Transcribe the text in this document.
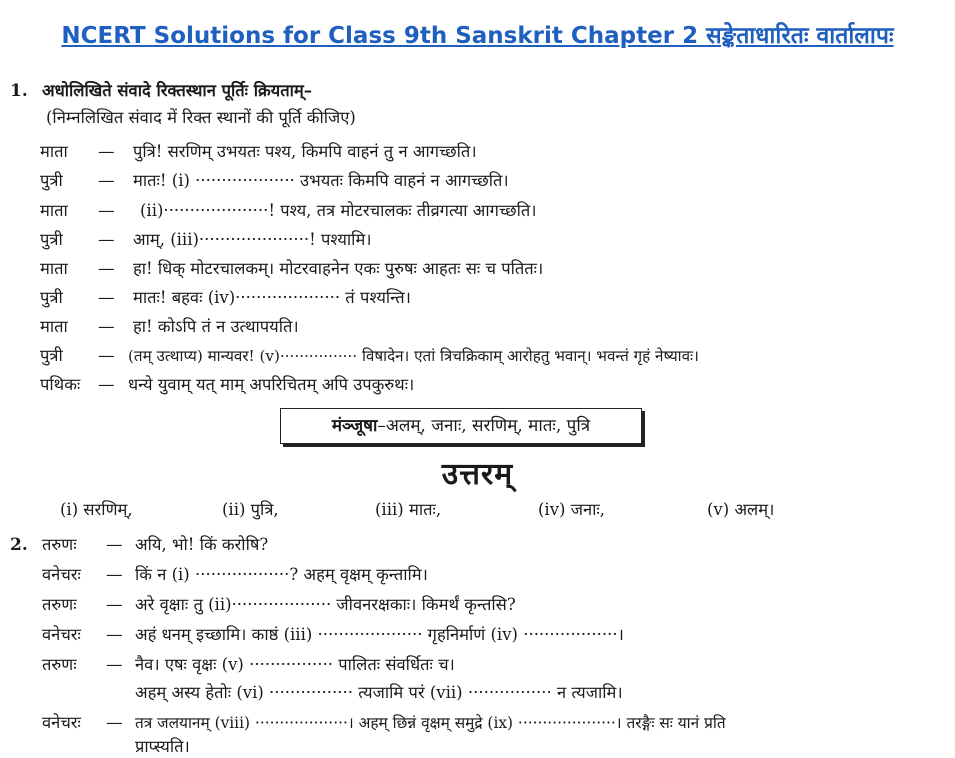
NCERT Solutions for Class 9th Sanskrit Chapter 2 सङ्केताधारितः वार्तालापः
1. अधोलिखिते संवादे रिक्तस्थान पूर्तिः क्रियताम्–
(निम्नलिखित संवाद में रिक्त स्थानों की पूर्ति कीजिए)
माता — पुत्रि! सरणिम् उभयतः पश्य, किमपि वाहनं तु न आगच्छति।
पुत्री — मातः! (i) ··················· उभयतः किमपि वाहनं न आगच्छति।
माता — (ii)····················! पश्य, तत्र मोटरचालकः तीव्रगत्या आगच्छति।
पुत्री — आम्, (iii)·····················! पश्यामि।
माता — हा! धिक् मोटरचालकम्। मोटरवाहनेन एकः पुरुषः आहतः सः च पतितः।
पुत्री — मातः! बहवः (iv)···················· तं पश्यन्ति।
माता — हा! कोऽपि तं न उत्थापयति।
पुत्री — (तम् उत्थाप्य) मान्यवर! (v)················ विषादेन। एतां त्रिचक्रिकाम् आरोहतु भवान्। भवन्तं गृहं नेष्यावः।
पथिकः — धन्ये युवाम् यत् माम् अपरिचितम् अपि उपकुरुथः।
मंञ्जूषा–अलम्, जनाः, सरणिम्, मातः, पुत्रि
उत्तरम्
(i) सरणिम्,	(ii) पुत्रि,	(iii) मातः,	(iv) जनाः,	(v) अलम्।
2. तरुणः — अयि, भो! किं करोषि?
वनेचरः — किं न (i) ··················? अहम् वृक्षम् कृन्तामि।
तरुणः — अरे वृक्षाः तु (ii)··················· जीवनरक्षकाः। किमर्थं कृन्तसि?
वनेचरः — अहं धनम् इच्छामि। काष्ठं (iii) ···················· गृहनिर्माणं (iv) ··················।
तरुणः — नैव। एषः वृक्षः (v) ················ पालितः संवर्धितः च।
अहम् अस्य हेतोः (vi) ················ त्यजामि परं (vii) ················ न त्यजामि।
वनेचरः — तत्र जलयानम् (viii) ···················। अहम् छिन्नं वृक्षम् समुद्रे (ix) ····················। तरङ्गैः सः यानं प्रति
प्राप्स्यति।
